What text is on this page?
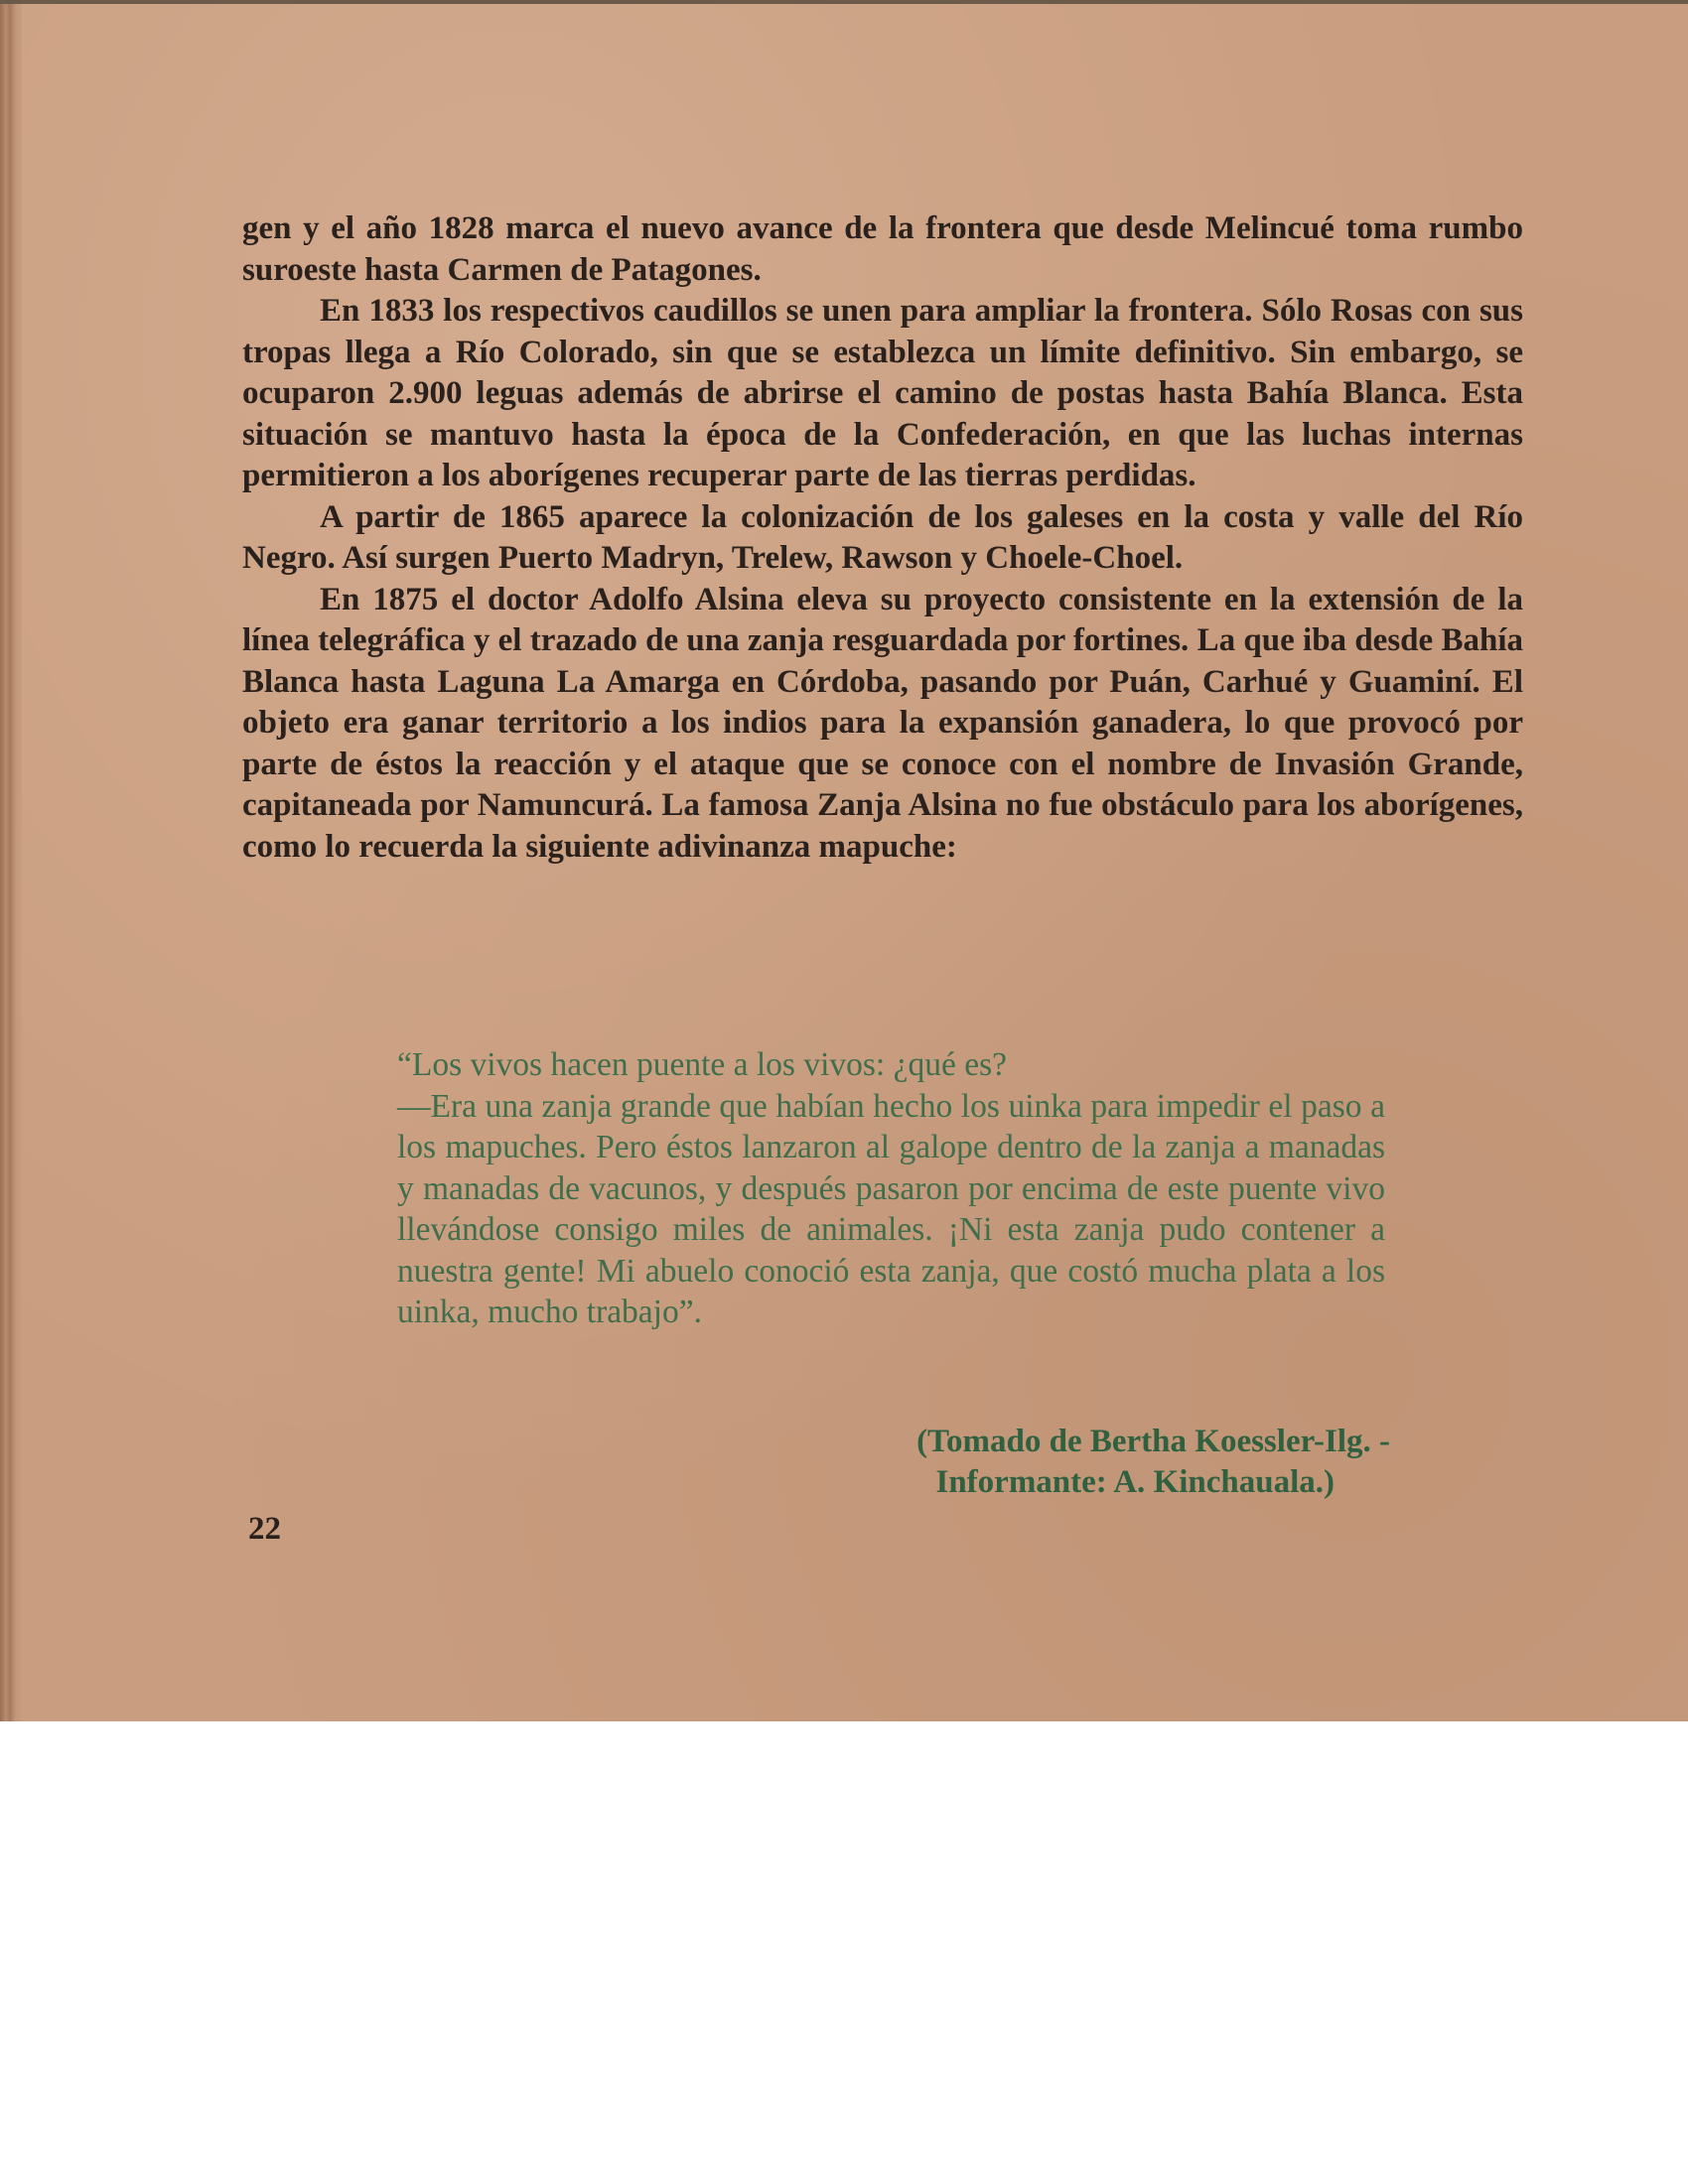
gen y el año 1828 marca el nuevo avance de la frontera que desde Melincué toma rumbo suroeste hasta Carmen de Patagones.

En 1833 los respectivos caudillos se unen para ampliar la frontera. Sólo Rosas con sus tropas llega a Río Colorado, sin que se establezca un límite definitivo. Sin embargo, se ocuparon 2.900 leguas además de abrirse el camino de postas hasta Bahía Blanca. Esta situación se mantuvo hasta la época de la Confederación, en que las luchas internas permitieron a los aborígenes recuperar parte de las tierras perdidas.

A partir de 1865 aparece la colonización de los galeses en la costa y valle del Río Negro. Así surgen Puerto Madryn, Trelew, Rawson y Choele-Choel.

En 1875 el doctor Adolfo Alsina eleva su proyecto consistente en la extensión de la línea telegráfica y el trazado de una zanja resguardada por fortines. La que iba desde Bahía Blanca hasta Laguna La Amarga en Córdoba, pasando por Puán, Carhué y Guaminí. El objeto era ganar territorio a los indios para la expansión ganadera, lo que provocó por parte de éstos la reacción y el ataque que se conoce con el nombre de Invasión Grande, capitaneada por Namuncurá. La famosa Zanja Alsina no fue obstáculo para los aborígenes, como lo recuerda la siguiente adivinanza mapuche:

“Los vivos hacen puente a los vivos: ¿qué es?

—Era una zanja grande que habían hecho los uinka para impedir el paso a los mapuches. Pero éstos lanzaron al galope dentro de la zanja a manadas y manadas de vacunos, y después pasaron por encima de este puente vivo llevándose consigo miles de animales. ¡Ni esta zanja pudo contener a nuestra gente! Mi abuelo conoció esta zanja, que costó mucha plata a los uinka, mucho trabajo”.

(Tomado de Bertha Koessler-Ilg. -
Informante: A. Kinchauala.)
22
